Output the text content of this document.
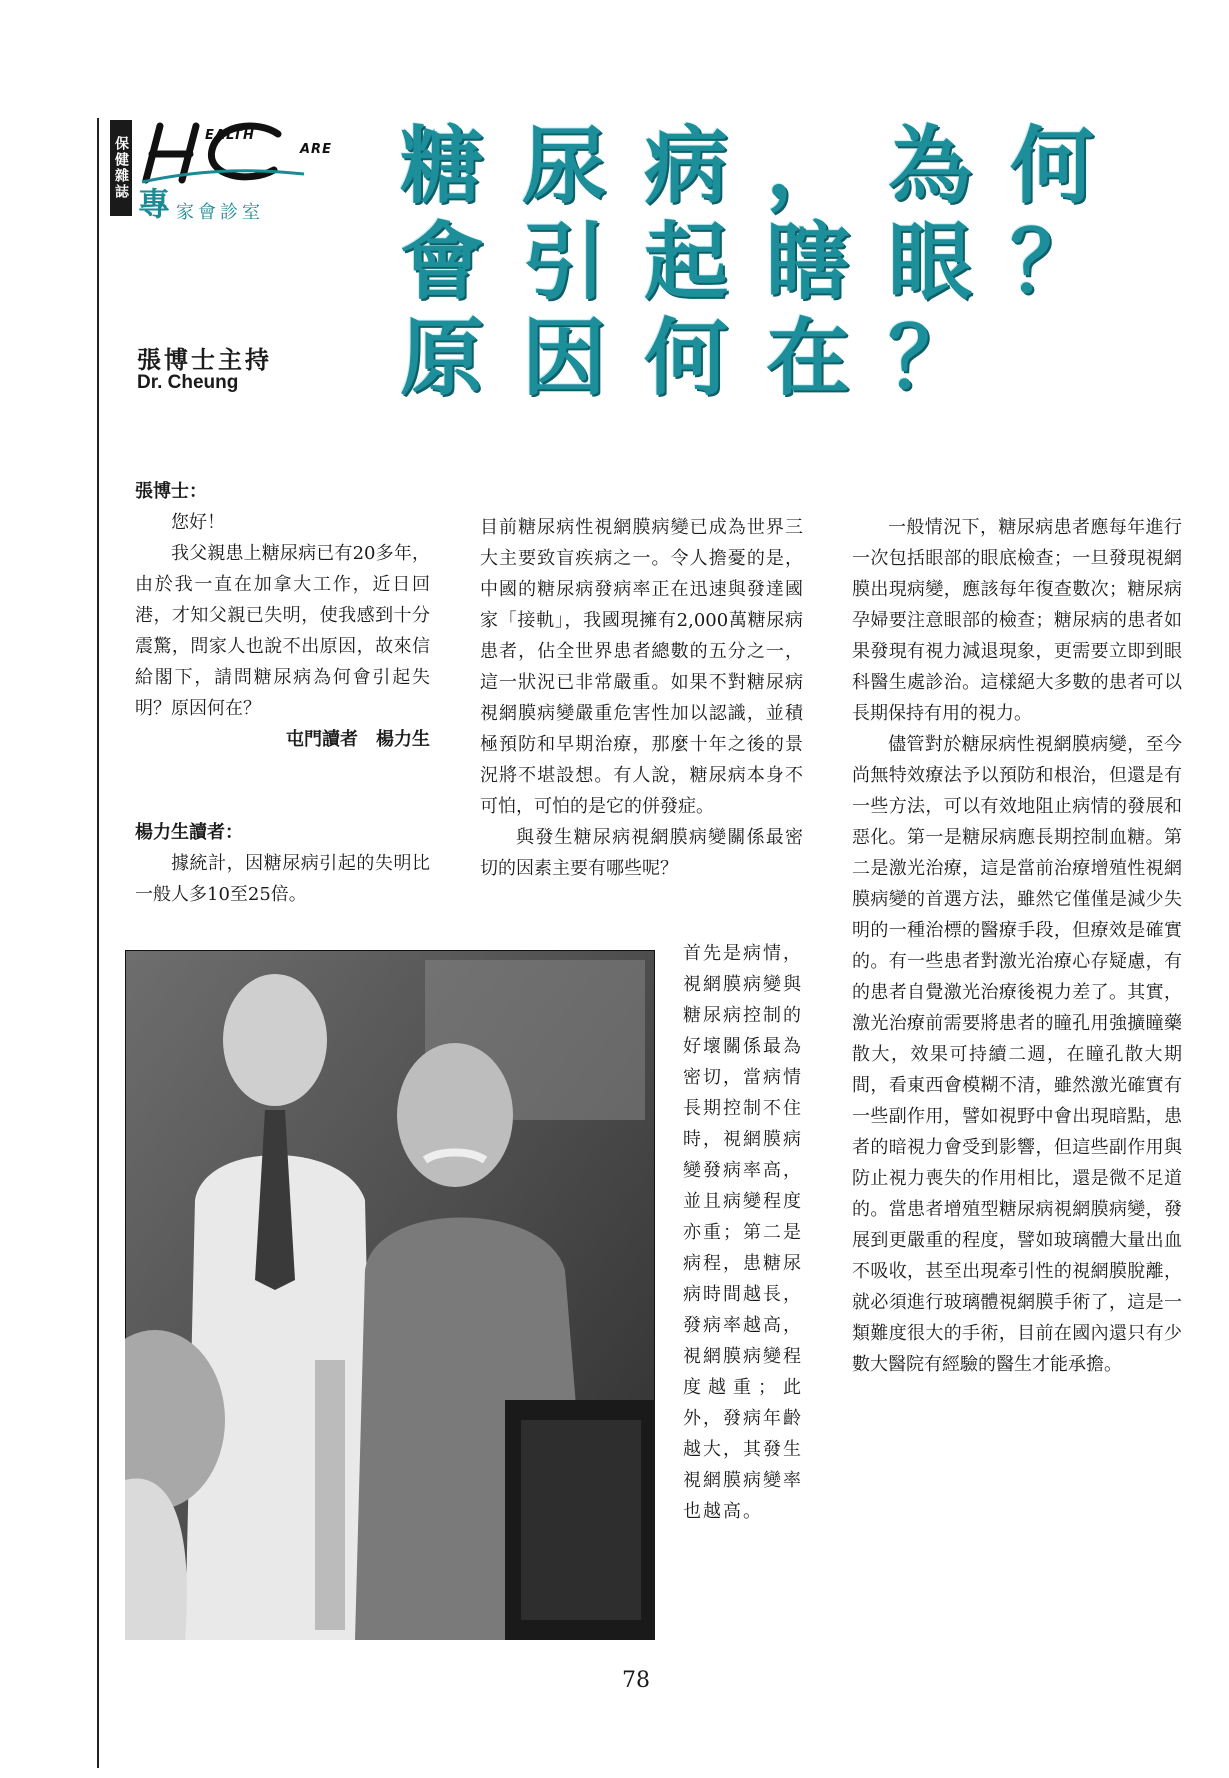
保健雜誌
EALTH
ARE
專 家會診室
張博士主持
Dr. Cheung
糖尿病，為何
會引起瞎眼？
原因何在？

張博士：

您好！

我父親患上糖尿病已有20多年，由於我一直在加拿大工作，近日回港，才知父親已失明，使我感到十分震驚，問家人也說不出原因，故來信給閣下，請問糖尿病為何會引起失明？原因何在？

屯門讀者　楊力生

楊力生讀者：

據統計，因糖尿病引起的失明比一般人多10至25倍。

目前糖尿病性視網膜病變已成為世界三大主要致盲疾病之一。令人擔憂的是，中國的糖尿病發病率正在迅速與發達國家「接軌」，我國現擁有2,000萬糖尿病患者，佔全世界患者總數的五分之一，這一狀況已非常嚴重。如果不對糖尿病視網膜病變嚴重危害性加以認識，並積極預防和早期治療，那麼十年之後的景況將不堪設想。有人說，糖尿病本身不可怕，可怕的是它的併發症。

與發生糖尿病視網膜病變關係最密切的因素主要有哪些呢？

首先是病情，視網膜病變與糖尿病控制的好壞關係最為密切，當病情長期控制不住時，視網膜病變發病率高，並且病變程度亦重；第二是病程，患糖尿病時間越長，發病率越高，視網膜病變程度越重；此外，發病年齡越大，其發生視網膜病變率也越高。

一般情況下，糖尿病患者應每年進行一次包括眼部的眼底檢查；一旦發現視網膜出現病變，應該每年復查數次；糖尿病孕婦要注意眼部的檢查；糖尿病的患者如果發現有視力減退現象，更需要立即到眼科醫生處診治。這樣絕大多數的患者可以長期保持有用的視力。

儘管對於糖尿病性視網膜病變，至今尚無特效療法予以預防和根治，但還是有一些方法，可以有效地阻止病情的發展和惡化。第一是糖尿病應長期控制血糖。第二是激光治療，這是當前治療增殖性視網膜病變的首選方法，雖然它僅僅是減少失明的一種治標的醫療手段，但療效是確實的。有一些患者對激光治療心存疑慮，有的患者自覺激光治療後視力差了。其實，激光治療前需要將患者的瞳孔用強擴瞳藥散大，效果可持續二週，在瞳孔散大期間，看東西會模糊不清，雖然激光確實有一些副作用，譬如視野中會出現暗點，患者的暗視力會受到影響，但這些副作用與防止視力喪失的作用相比，還是微不足道的。當患者增殖型糖尿病視網膜病變，發展到更嚴重的程度，譬如玻璃體大量出血不吸收，甚至出現牽引性的視網膜脫離，就必須進行玻璃體視網膜手術了，這是一類難度很大的手術，目前在國內還只有少數大醫院有經驗的醫生才能承擔。

78
